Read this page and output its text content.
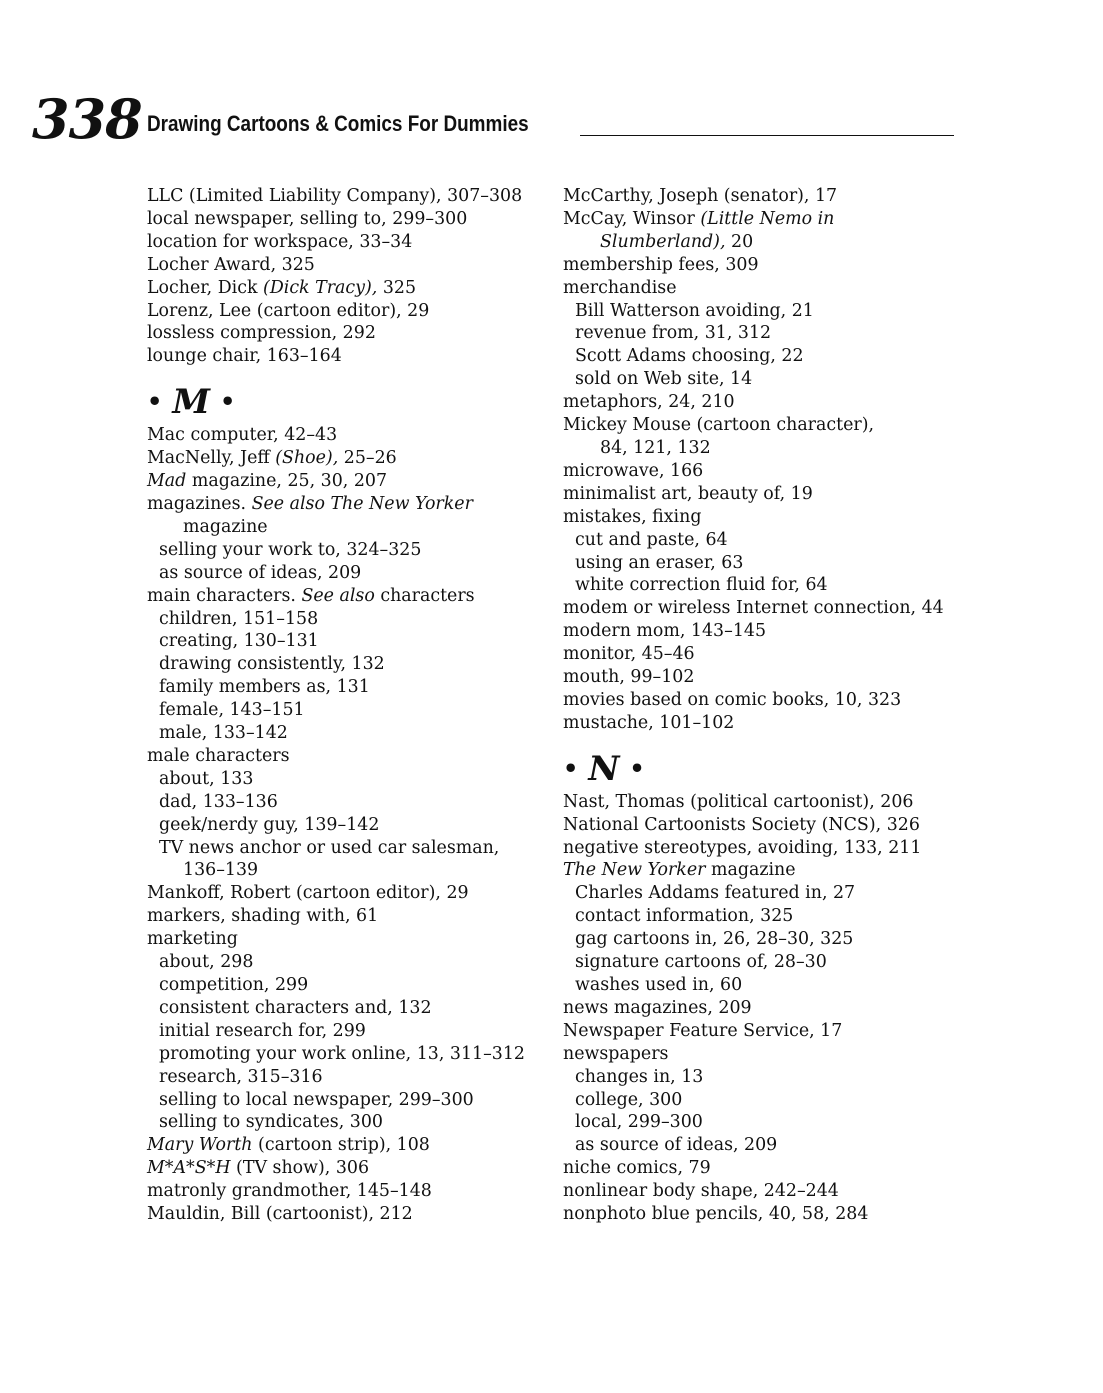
338 Drawing Cartoons & Comics For Dummies
LLC (Limited Liability Company), 307–308
local newspaper, selling to, 299–300
location for workspace, 33–34
Locher Award, 325
Locher, Dick (Dick Tracy), 325
Lorenz, Lee (cartoon editor), 29
lossless compression, 292
lounge chair, 163–164
• M •
Mac computer, 42–43
MacNelly, Jeff (Shoe), 25–26
Mad magazine, 25, 30, 207
magazines. See also The New Yorker
magazine
selling your work to, 324–325
as source of ideas, 209
main characters. See also characters
children, 151–158
creating, 130–131
drawing consistently, 132
family members as, 131
female, 143–151
male, 133–142
male characters
about, 133
dad, 133–136
geek/nerdy guy, 139–142
TV news anchor or used car salesman,
136–139
Mankoff, Robert (cartoon editor), 29
markers, shading with, 61
marketing
about, 298
competition, 299
consistent characters and, 132
initial research for, 299
promoting your work online, 13, 311–312
research, 315–316
selling to local newspaper, 299–300
selling to syndicates, 300
Mary Worth (cartoon strip), 108
M*A*S*H (TV show), 306
matronly grandmother, 145–148
Mauldin, Bill (cartoonist), 212
McCarthy, Joseph (senator), 17
McCay, Winsor (Little Nemo in
Slumberland), 20
membership fees, 309
merchandise
Bill Watterson avoiding, 21
revenue from, 31, 312
Scott Adams choosing, 22
sold on Web site, 14
metaphors, 24, 210
Mickey Mouse (cartoon character),
84, 121, 132
microwave, 166
minimalist art, beauty of, 19
mistakes, fixing
cut and paste, 64
using an eraser, 63
white correction fluid for, 64
modem or wireless Internet connection, 44
modern mom, 143–145
monitor, 45–46
mouth, 99–102
movies based on comic books, 10, 323
mustache, 101–102
• N •
Nast, Thomas (political cartoonist), 206
National Cartoonists Society (NCS), 326
negative stereotypes, avoiding, 133, 211
The New Yorker magazine
Charles Addams featured in, 27
contact information, 325
gag cartoons in, 26, 28–30, 325
signature cartoons of, 28–30
washes used in, 60
news magazines, 209
Newspaper Feature Service, 17
newspapers
changes in, 13
college, 300
local, 299–300
as source of ideas, 209
niche comics, 79
nonlinear body shape, 242–244
nonphoto blue pencils, 40, 58, 284
